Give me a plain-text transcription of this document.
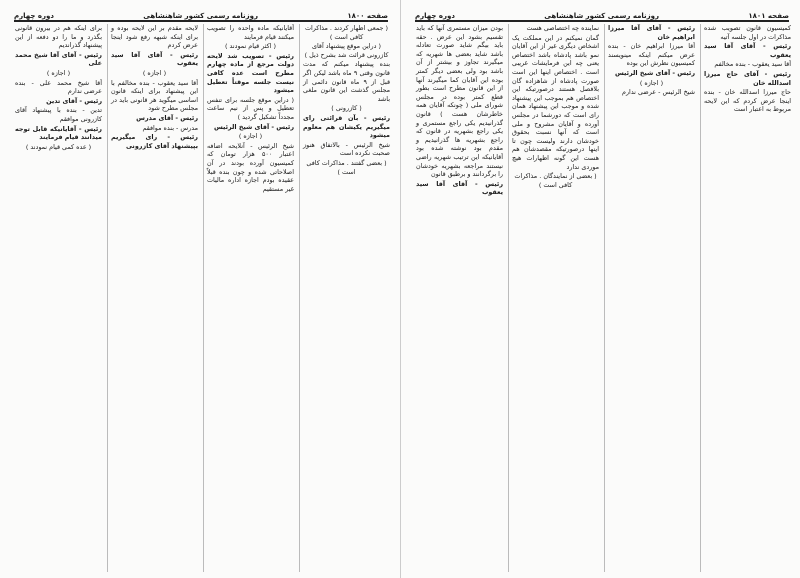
صفحه ۱۸۰۰
روزنامه رسمی کشور شاهنشاهی
دوره چهارم

( جمعی اظهار کردند . مذاکرات کافی است )

( دراین موقع پیشنهاد آقای کازرونی قرائت شد بشرح ذیل )

بنده پیشنهاد میکنم که مدت قانون وقتی ۹ ماه باشد لیکن اگر قبل از ۹ ماه قانون دائمی از مجلس گذشت این قانون ملغی باشد

( کازرونی )

رئیس - بآن قرائتی رای میگیریم یکیشان هم معلوم میشود

شیخ الرئیس - بالاتفاق هنوز صحبت نکرده است

( بعضی گفتند . مذاکرات کافی است )

آقایانیکه ماده واحده را تصویب میکنند قیام فرمایند

( اکثر قیام نمودند )

رئیس - تصویب شد لایحه دولت مرجع از ماده چهارم مطرح است عده کافی نیست جلسه موقتاً تعطیل میشود

( دراین موقع جلسه برای تنفس تعطیل و پس از نیم ساعت مجدداً تشکیل گردید )

رئیس - آقای شیخ الرئیس

( اجازه )

شیخ الرئیس - آنلایحه اضافه اعتبار ۵۰۰ هزار تومان که کمیسیون آورده بودند در آن اصلاحاتی شده و چون بنده قبلاً عقیده بودم اجازه اداره مالیات غیر مستقیم

لایحه مقدم بر این لایحه بوده و برای اینکه شبهه رفع شود اینجا عرض کردم

رئیس - آقای آقا سید یعقوب

( اجازه )

آقا سید یعقوب - بنده مخالفم با این پیشنهاد برای اینکه قانون اساسی میگوید هر قانونی باید در مجلس مطرح شود

رئیس - آقای مدرس

مدرس - بنده موافقم

رئیس - رای میگیریم بپیشنهاد آقای کازرونی

برای اینکه هم در بیرون قانونی بگذرد و ما را دو دفعه از این پیشنهاد گذراندیم

رئیس - آقای آقا شیخ محمد علی

( اجازه )

آقا شیخ محمد علی - بنده عرضی ندارم

رئیس - آقای تدین

تدین - بنده با پیشنهاد آقای کازرونی موافقم

رئیس - آقایانیکه قابل توجه میدانند قیام فرمایند

( عده کمی قیام نمودند )

صفحه ۱۸۰۱
روزنامه رسمی کشور شاهنشاهی
دوره چهارم

کمیسیون قانون تصویب شده مذاکرات در اول جلسه آتیه

رئیس - آقای آقا سید یعقوب

آقا سید یعقوب - بنده مخالفم

رئیس - آقای حاج میرزا اسدالله خان

حاج میرزا اسدالله خان - بنده اینجا عرض کردم که این لایحه مربوط به اعتبار است

رئیس - آقای آقا میرزا ابراهیم خان

آقا میرزا ابراهیم خان - بنده عرض میکنم اینکه مینویسند کمیسیون نظرش این بوده

رئیس - آقای شیخ الرئیس

( اجازه )

شیخ الرئیس - عرضی ندارم

نماینده چه اختصاصی هست

گمان نمیکنم در این مملکت یک اشخاص دیگری غیر از این آقایان نمو باشد پادشاه باشد اختصاص یعنی چه این فرمایشات غریبی است . اختصاص اینها این است صورت پادشاه از شاهزاده گان بلافصل هستند درصورتیکه این اختصاص هم بموجب این پیشنهاد شده و موجب این پیشنهاد همان رای است که دورشما در مجلس آورده و آقایان مشروح و ملی است که آنها نسبت بحقوق خودشان دارند ولیست چون تا اینها درصورتیکه مقصدشان هم هست این گونه اظهارات هیچ موردی ندارد

( بعضی از نمایندگان . مذاکرات کافی است )

بودن میزان مستمری آنها که باید تقسیم بشود این عرض . حقه باید بیگم شاید صورت تعادله باشد شاید بعضی ها شهریه که میگیرند تجاوز و بیشتر از آن باشد بود ولی بعضی دیگر کمتر بوده این آقایان کما میگیرند آنها از این قانون مطرح است بطور قطع کمتر بوده در مجلس شورای ملی ( چونکه آقایان همه خاطرشان هست ) قانون گذرانیدیم یکی راجع مستمری و یکی راجع بشهریه در قانون که راجع بشهریه ها گذرانیدیم و مقدم بود نوشته شده بود آقایانیکه این ترتیب شهریه راضی نیستند مراجعه بشهریه خودشان را برگردانند و برطبق قانون

رئیس - آقای آقا سید یعقوب
